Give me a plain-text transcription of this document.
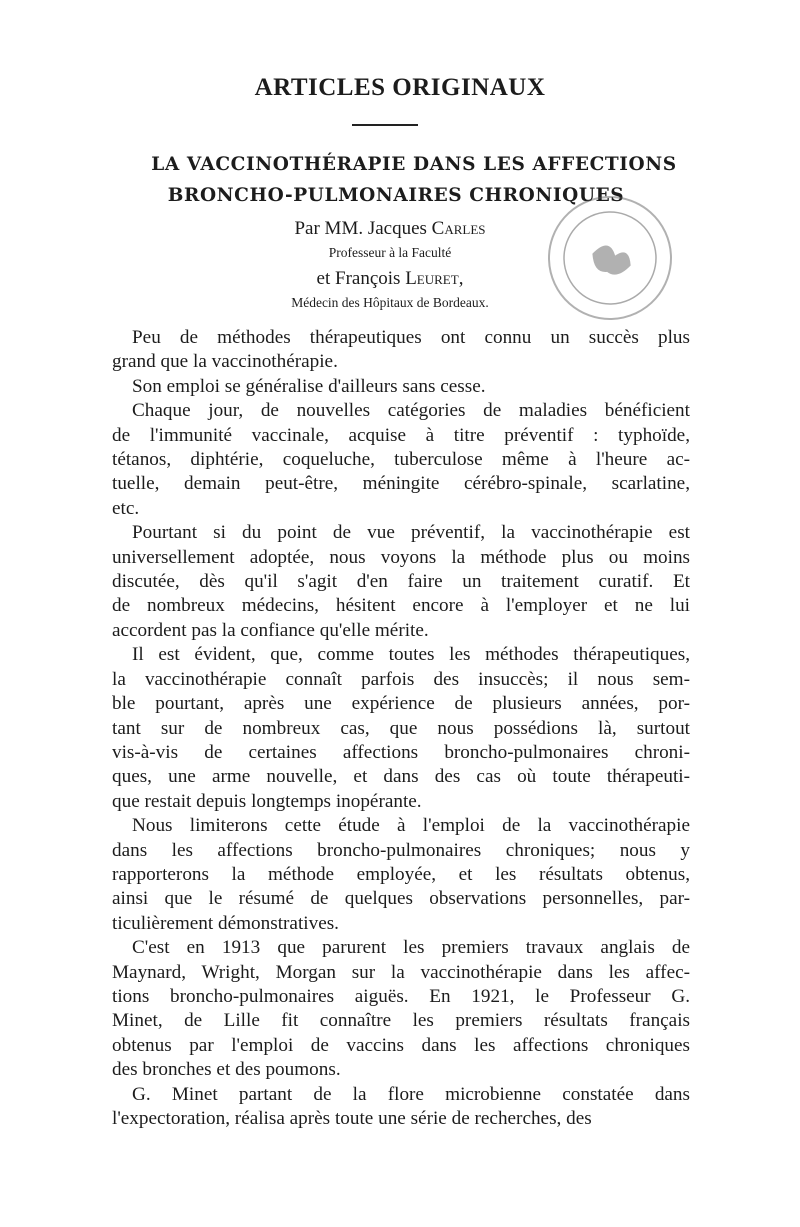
ARTICLES ORIGINAUX
LA VACCINOTHÉRAPIE DANS LES AFFECTIONS
BRONCHO-PULMONAIRES CHRONIQUES

Par MM. Jacques Carles

Professeur à la Faculté

et François Leuret,

Médecin des Hôpitaux de Bordeaux.

Peu de méthodes thérapeutiques ont connu un succès plus

grand que la vaccinothérapie.

Son emploi se généralise d'ailleurs sans cesse.

Chaque jour, de nouvelles catégories de maladies bénéficient

de l'immunité vaccinale, acquise à titre préventif : typhoïde,

tétanos, diphtérie, coqueluche, tuberculose même à l'heure ac-

tuelle, demain peut-être, méningite cérébro-spinale, scarlatine,

etc.

Pourtant si du point de vue préventif, la vaccinothérapie est

universellement adoptée, nous voyons la méthode plus ou moins

discutée, dès qu'il s'agit d'en faire un traitement curatif. Et

de nombreux médecins, hésitent encore à l'employer et ne lui

accordent pas la confiance qu'elle mérite.

Il est évident, que, comme toutes les méthodes thérapeutiques,

la vaccinothérapie connaît parfois des insuccès; il nous sem-

ble pourtant, après une expérience de plusieurs années, por-

tant sur de nombreux cas, que nous possédions là, surtout

vis-à-vis de certaines affections broncho-pulmonaires chroni-

ques, une arme nouvelle, et dans des cas où toute thérapeuti-

que restait depuis longtemps inopérante.

Nous limiterons cette étude à l'emploi de la vaccinothérapie

dans les affections broncho-pulmonaires chroniques; nous y

rapporterons la méthode employée, et les résultats obtenus,

ainsi que le résumé de quelques observations personnelles, par-

ticulièrement démonstratives.

C'est en 1913 que parurent les premiers travaux anglais de

Maynard, Wright, Morgan sur la vaccinothérapie dans les affec-

tions broncho-pulmonaires aiguës. En 1921, le Professeur G.

Minet, de Lille fit connaître les premiers résultats français

obtenus par l'emploi de vaccins dans les affections chroniques

des bronches et des poumons.

G. Minet partant de la flore microbienne constatée dans

l'expectoration, réalisa après toute une série de recherches, des
